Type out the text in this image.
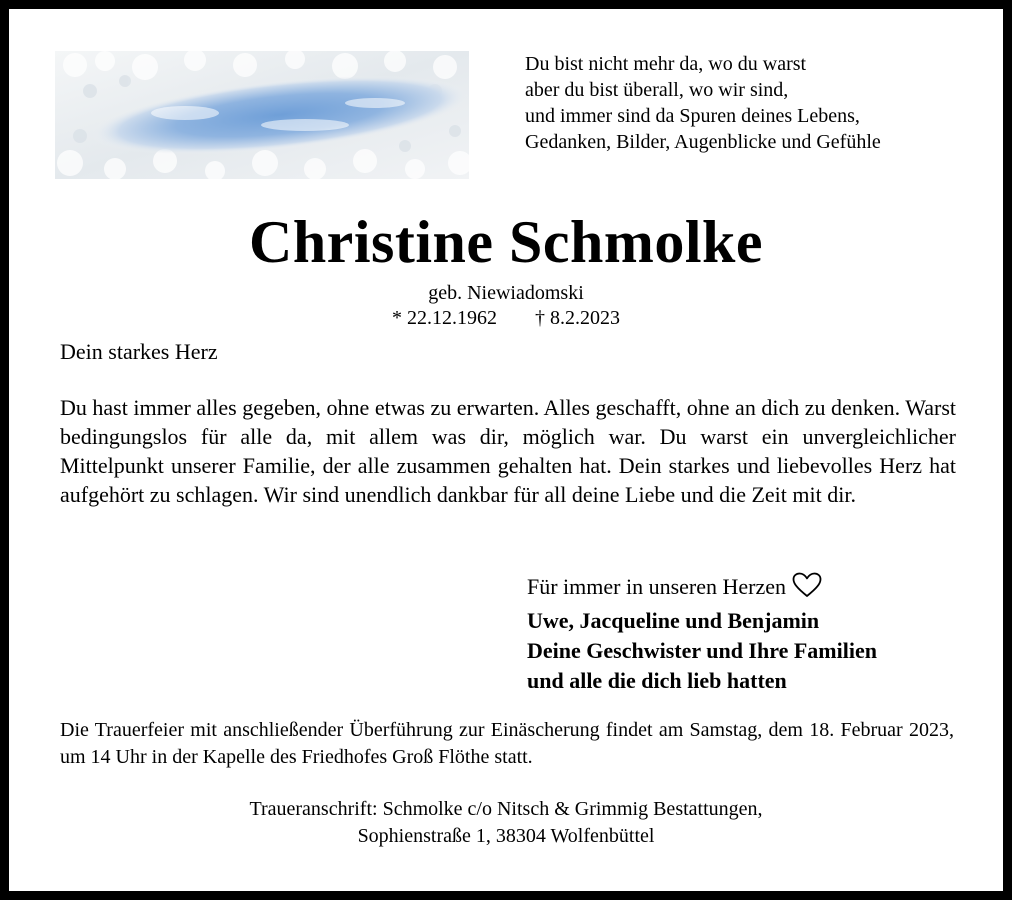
Du bist nicht mehr da, wo du warst
aber du bist überall, wo wir sind,
und immer sind da Spuren deines Lebens,
Gedanken, Bilder, Augenblicke und Gefühle
Christine Schmolke
geb. Niewiadomski
* 22.12.1962 † 8.2.2023
Dein starkes Herz
Du hast immer alles gegeben, ohne etwas zu erwarten. Alles geschafft, ohne an dich zu denken. Warst bedingungslos für alle da, mit allem was dir, möglich war. Du warst ein unvergleichlicher Mittelpunkt unserer Familie, der alle zusammen gehalten hat. Dein starkes und liebevolles Herz hat aufgehört zu schlagen. Wir sind unendlich dankbar für all deine Liebe und die Zeit mit dir.
Für immer in unseren Herzen
Uwe, Jacqueline und Benjamin
Deine Geschwister und Ihre Familien
und alle die dich lieb hatten
Die Trauerfeier mit anschließender Überführung zur Einäscherung findet am Samstag, dem 18. Februar 2023, um 14 Uhr in der Kapelle des Friedhofes Groß Flöthe statt.
Traueranschrift: Schmolke c/o Nitsch & Grimmig Bestattungen,
Sophienstraße 1, 38304 Wolfenbüttel
